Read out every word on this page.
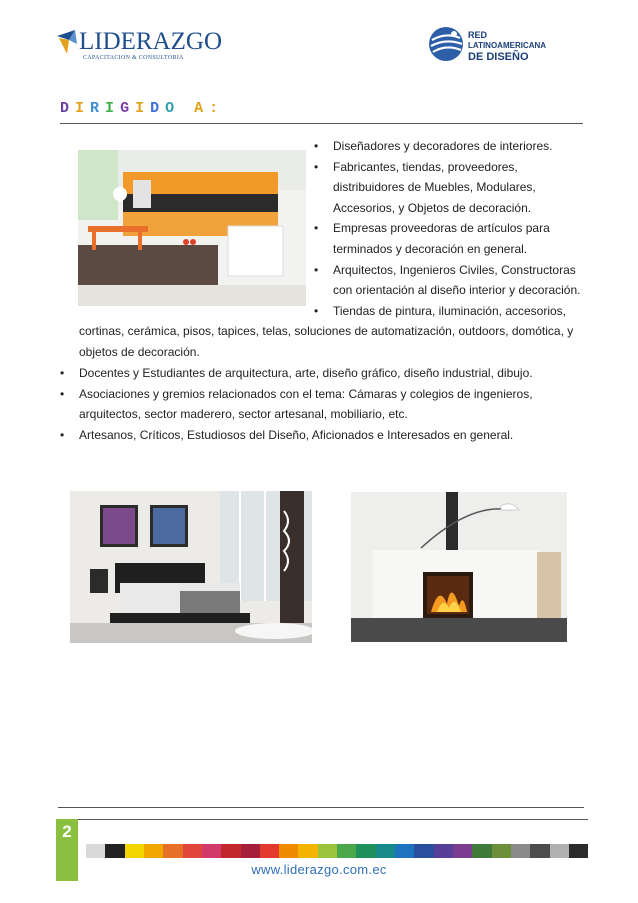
LIDERAZGO
CAPACITACION & CONSULTORIA
RED
LATINOAMERICANA
DE DISEÑO
DIRIGIDO A:
• Diseñadores y decoradores de interiores.
• Fabricantes, tiendas, proveedores, distribuidores de Muebles, Modulares, Accesorios, y Objetos de decoración.
• Empresas proveedoras de artículos para terminados y decoración en general.
• Arquitectos, Ingenieros Civiles, Constructoras con orientación al diseño interior y decoración.
• Tiendas de pintura, iluminación, accesorios,
cortinas, cerámica, pisos, tapices, telas, soluciones de automatización, outdoors, domótica, y objetos de decoración.
• Docentes y Estudiantes de arquitectura, arte, diseño gráfico, diseño industrial, dibujo.
• Asociaciones y gremios relacionados con el tema: Cámaras y colegios de ingenieros, arquitectos, sector maderero, sector artesanal, mobiliario, etc.
• Artesanos, Críticos, Estudiosos del Diseño, Aficionados e Interesados en general.
2
www.liderazgo.com.ec
